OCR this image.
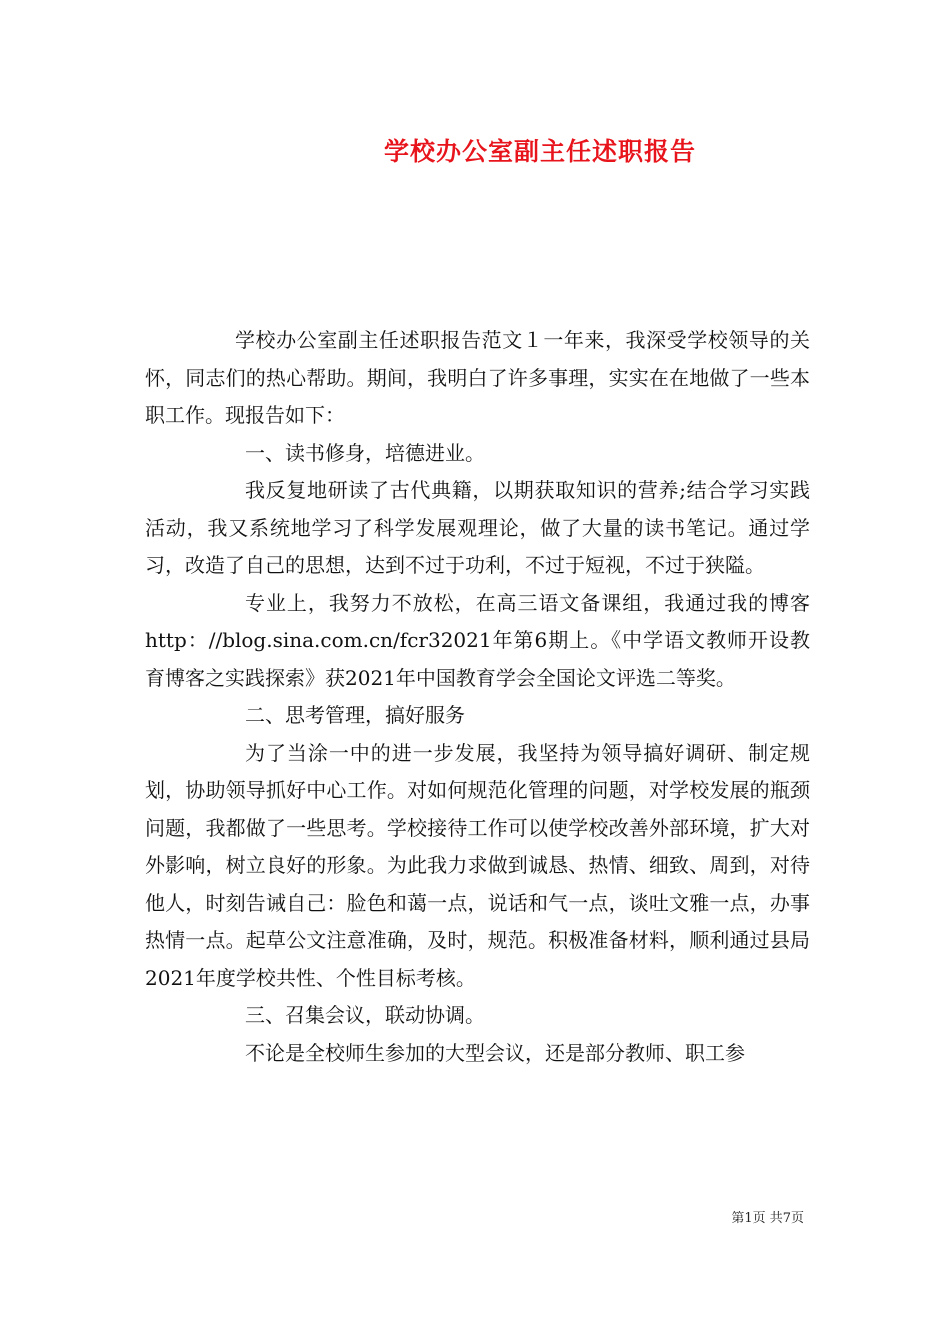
学校办公室副主任述职报告

学校办公室副主任述职报告范文１一年来，我深受学校领导的关怀，同志们的热心帮助。期间，我明白了许多事理，实实在在地做了一些本职工作。现报告如下：

一、读书修身，培德进业。

我反复地研读了古代典籍，以期获取知识的营养;结合学习实践活动，我又系统地学习了科学发展观理论，做了大量的读书笔记。通过学习，改造了自己的思想，达到不过于功利，不过于短视，不过于狭隘。

专业上，我努力不放松，在高三语文备课组，我通过我的博客http：//blog.sina.com.cn/fcr32021年第6期上。《中学语文教师开设教育博客之实践探索》获2021年中国教育学会全国论文评选二等奖。

二、思考管理，搞好服务

为了当涂一中的进一步发展，我坚持为领导搞好调研、制定规划，协助领导抓好中心工作。对如何规范化管理的问题，对学校发展的瓶颈问题，我都做了一些思考。学校接待工作可以使学校改善外部环境，扩大对外影响，树立良好的形象。为此我力求做到诚恳、热情、细致、周到，对待他人，时刻告诫自己：脸色和蔼一点，说话和气一点，谈吐文雅一点，办事热情一点。起草公文注意准确，及时，规范。积极准备材料，顺利通过县局2021年度学校共性、个性目标考核。

三、召集会议，联动协调。

不论是全校师生参加的大型会议，还是部分教师、职工参

第1页 共7页
